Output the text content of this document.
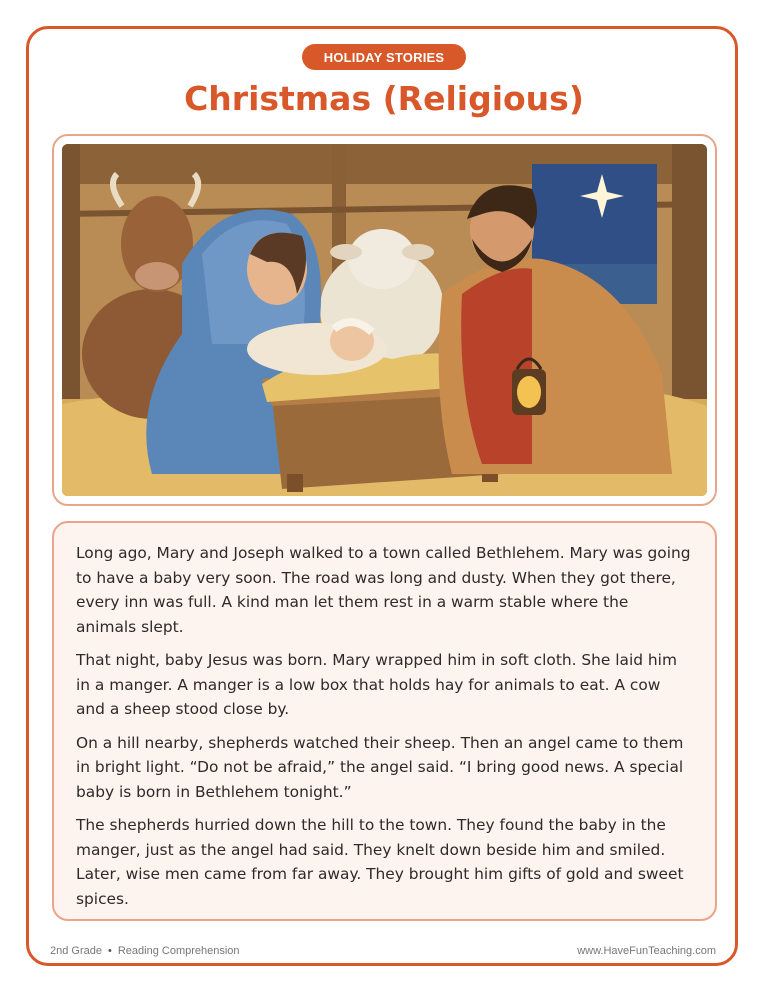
HOLIDAY STORIES
Christmas (Religious)

Long ago, Mary and Joseph walked to a town called Bethlehem. Mary was going to have a baby very soon. The road was long and dusty. When they got there, every inn was full. A kind man let them rest in a warm stable where the animals slept.

That night, baby Jesus was born. Mary wrapped him in soft cloth. She laid him in a manger. A manger is a low box that holds hay for animals to eat. A cow and a sheep stood close by.

On a hill nearby, shepherds watched their sheep. Then an angel came to them in bright light. “Do not be afraid,” the angel said. “I bring good news. A special baby is born in Bethlehem tonight.”

The shepherds hurried down the hill to the town. They found the baby in the manger, just as the angel had said. They knelt down beside him and smiled. Later, wise men came from far away. They brought him gifts of gold and sweet spices.

2nd Grade • Reading Comprehension	www.HaveFunTeaching.com
